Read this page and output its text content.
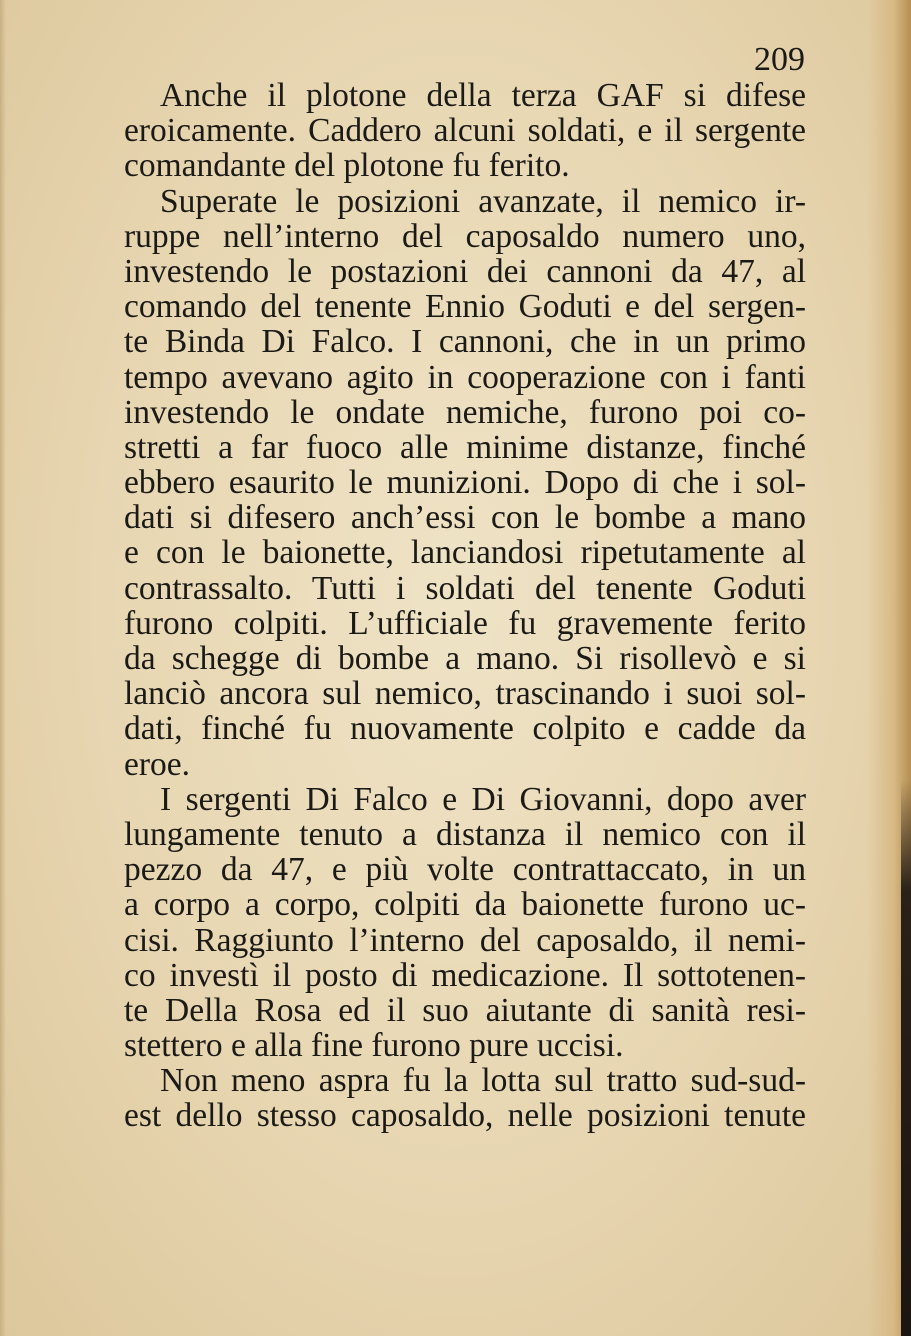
209

Anche il plotone della terza GAF si difese
eroicamente. Caddero alcuni soldati, e il sergente
comandante del plotone fu ferito.
Superate le posizioni avanzate, il nemico ir-
ruppe nell’interno del caposaldo numero uno,
investendo le postazioni dei cannoni da 47, al
comando del tenente Ennio Goduti e del sergen-
te Binda Di Falco. I cannoni, che in un primo
tempo avevano agito in cooperazione con i fanti
investendo le ondate nemiche, furono poi co-
stretti a far fuoco alle minime distanze, finché
ebbero esaurito le munizioni. Dopo di che i sol-
dati si difesero anch’essi con le bombe a mano
e con le baionette, lanciandosi ripetutamente al
contrassalto. Tutti i soldati del tenente Goduti
furono colpiti. L’ufficiale fu gravemente ferito
da schegge di bombe a mano. Si risollevò e si
lanciò ancora sul nemico, trascinando i suoi sol-
dati, finché fu nuovamente colpito e cadde da
eroe.
I sergenti Di Falco e Di Giovanni, dopo aver
lungamente tenuto a distanza il nemico con il
pezzo da 47, e più volte contrattaccato, in un
a corpo a corpo, colpiti da baionette furono uc-
cisi. Raggiunto l’interno del caposaldo, il nemi-
co investì il posto di medicazione. Il sottotenen-
te Della Rosa ed il suo aiutante di sanità resi-
stettero e alla fine furono pure uccisi.
Non meno aspra fu la lotta sul tratto sud-sud-
est dello stesso caposaldo, nelle posizioni tenute
